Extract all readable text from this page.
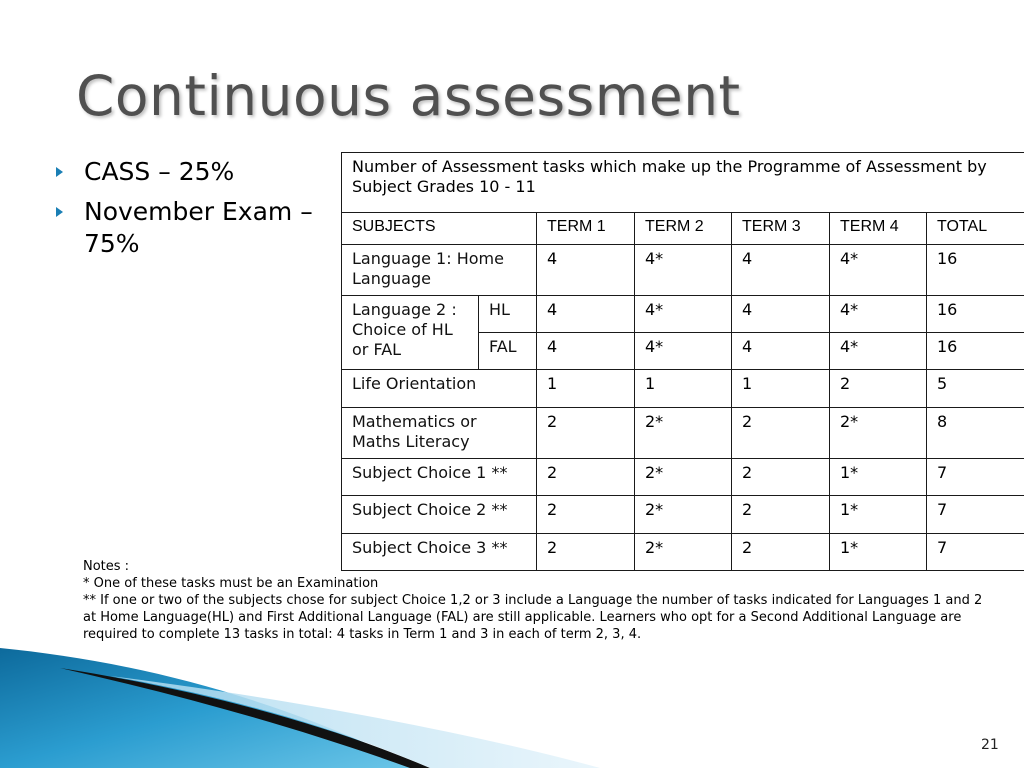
Continuous assessment
CASS – 25%
November Exam – 75%
Number of Assessment tasks which make up the Programme of Assessment by Subject Grades 10 - 11						
SUBJECTS		TERM 1	TERM 2	TERM 3	TERM 4	TOTAL
Language 1: Home Language		4	4*	4	4*	16
Language 2 : Choice of HL or FAL	HL	4	4*	4	4*	16
	FAL	4	4*	4	4*	16
Life Orientation		1	1	1	2	5
Mathematics or Maths Literacy		2	2*	2	2*	8
Subject Choice 1 **		2	2*	2	1*	7
Subject Choice 2 **		2	2*	2	1*	7
Subject Choice 3 **		2	2*	2	1*	7
Notes :
* One of these tasks must be an Examination
** If one or two of the subjects chose for subject Choice 1,2 or 3 include a Language the number of tasks indicated for Languages 1 and 2 at Home Language(HL) and First Additional Language (FAL) are still applicable. Learners who opt for a Second Additional Language are required to complete 13 tasks in total: 4 tasks in Term 1 and 3 in each of term 2, 3, 4.
21
